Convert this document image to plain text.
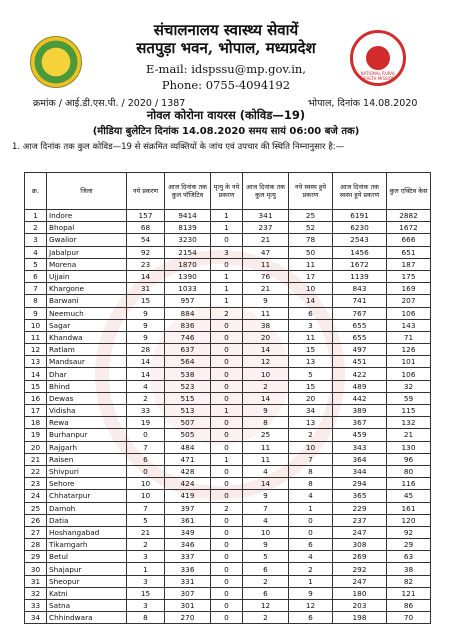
NATIONAL RURAL HEALTH MISSION
संचालनालय स्वास्थ्य सेवायें
सतपुड़ा भवन, भोपाल, मध्यप्रदेश
E-mail: idspssu@mp.gov.in,
Phone: 0755-4094192
क्रमांक / आई.डी.एस.पी. / 2020 / 1387	भोपाल, दिनांक 14.08.2020
नोवल कोरोना वायरस (कोविड—19)
(मीडिया बुलेटिन दिनांक 14.08.2020 समय सायं 06:00 बजे तक)
1. आज दिनांक तक कुल कोविड—19 से संक्रमित व्यक्तियों के जांच एवं उपचार की स्थिति निम्नानुसार है:—
क्र.	जिला	नये प्रकरण	आज दिनांक तक कुल पॉजिटिव	मृत्यु के नये प्रकरण	आज दिनांक तक कुल मृत्यु	नये स्वस्थ हुये प्रकरण	आज दिनांक तक स्वस्थ हुये प्रकरण	कुल एक्टिव केस
1	Indore	157	9414	1	341	25	6191	2882
2	Bhopal	68	8139	1	237	52	6230	1672
3	Gwalior	54	3230	0	21	78	2543	666
4	Jabalpur	92	2154	3	47	50	1456	651
5	Morena	23	1870	0	11	11	1672	187
6	Ujjain	14	1390	1	76	17	1139	175
7	Khargone	31	1033	1	21	10	843	169
8	Barwani	15	957	1	9	14	741	207
9	Neemuch	9	884	2	11	6	767	106
10	Sagar	9	836	0	38	3	655	143
11	Khandwa	9	746	0	20	11	655	71
12	Ratlam	28	637	0	14	15	497	126
13	Mandsaur	14	564	0	12	13	451	101
14	Dhar	14	538	0	10	5	422	106
15	Bhind	4	523	0	2	15	489	32
16	Dewas	2	515	0	14	20	442	59
17	Vidisha	33	513	1	9	34	389	115
18	Rewa	19	507	0	8	13	367	132
19	Burhanpur	0	505	0	25	2	459	21
20	Rajgarh	7	484	0	11	10	343	130
21	Raisen	6	471	1	11	7	364	96
22	Shivpuri	0	428	0	4	8	344	80
23	Sehore	10	424	0	14	8	294	116
24	Chhatarpur	10	419	0	9	4	365	45
25	Damoh	7	397	2	7	1	229	161
26	Datia	5	361	0	4	0	237	120
27	Hoshangabad	21	349	0	10	0	247	92
28	Tikamgarh	2	346	0	9	6	308	29
29	Betul	3	337	0	5	4	269	63
30	Shajapur	1	336	0	6	2	292	38
31	Sheopur	3	331	0	2	1	247	82
32	Katni	15	307	0	6	9	180	121
33	Satna	3	301	0	12	12	203	86
34	Chhindwara	8	270	0	2	6	198	70
